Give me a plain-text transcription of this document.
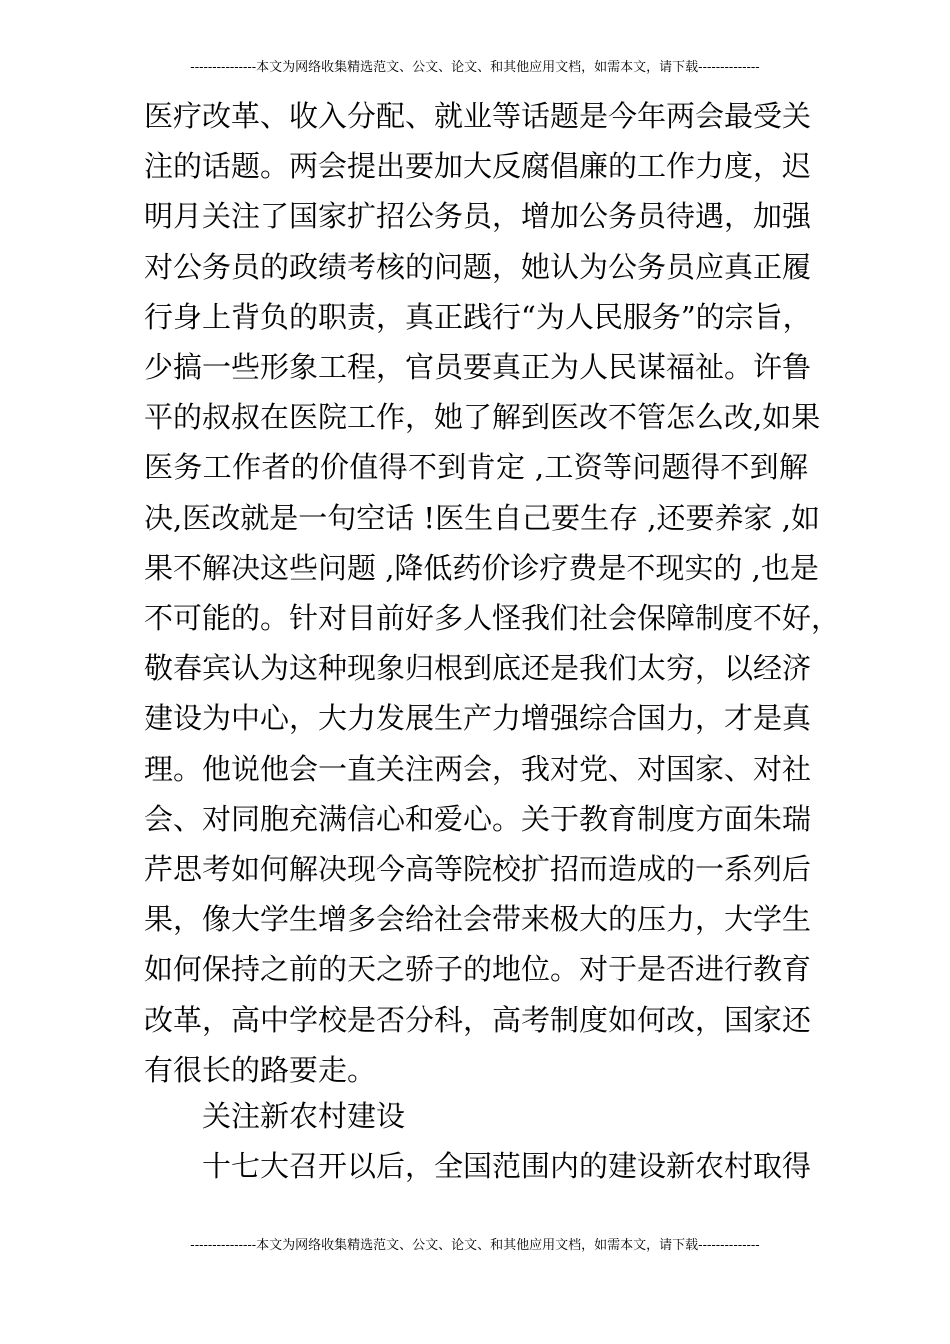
---------------本文为网络收集精选范文、公文、论文、和其他应用文档，如需本文，请下载--------------
医疗改革、收入分配、就业等话题是今年两会最受关
注的话题。两会提出要加大反腐倡廉的工作力度，迟
明月关注了国家扩招公务员，增加公务员待遇，加强
对公务员的政绩考核的问题，她认为公务员应真正履
行身上背负的职责，真正践行“为人民服务”的宗旨，
少搞一些形象工程，官员要真正为人民谋福祉。许鲁
平的叔叔在医院工作，她了解到医改不管怎么改,如果
医务工作者的价值得不到肯定 ,工资等问题得不到解
决,医改就是一句空话 !医生自己要生存 ,还要养家 ,如
果不解决这些问题 ,降低药价诊疗费是不现实的 ,也是
不可能的。针对目前好多人怪我们社会保障制度不好，
敬春宾认为这种现象归根到底还是我们太穷，以经济
建设为中心，大力发展生产力增强综合国力，才是真
理。他说他会一直关注两会，我对党、对国家、对社
会、对同胞充满信心和爱心。关于教育制度方面朱瑞
芹思考如何解决现今高等院校扩招而造成的一系列后
果，像大学生增多会给社会带来极大的压力，大学生
如何保持之前的天之骄子的地位。对于是否进行教育
改革，高中学校是否分科，高考制度如何改，国家还
有很长的路要走。
关注新农村建设
十七大召开以后，全国范围内的建设新农村取得
---------------本文为网络收集精选范文、公文、论文、和其他应用文档，如需本文，请下载--------------
